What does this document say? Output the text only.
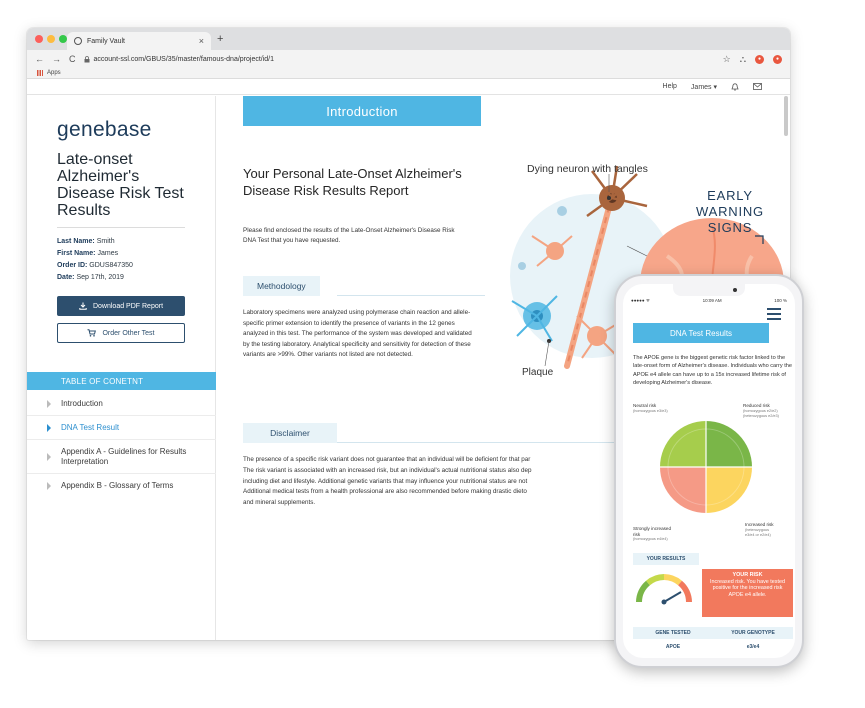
Family Vault	× +
← → C	account-ssl.com/GBUS/35/master/famous-dna/project/id/1	☆ ⛬	●	●
Apps
Help James ▾
genebase
Late-onset Alzheimer's Disease Risk Test Results
Last Name: Smith
First Name: James
Order ID: GDUS847350
Date: Sep 17th, 2019
Download PDF Report
Order Other Test
TABLE OF CONETNT
Introduction
DNA Test Result
Appendix A - Guidelines for Results Interpretation
Appendix B - Glossary of Terms
Introduction
Your Personal Late-Onset Alzheimer's Disease Risk Results Report
Please find enclosed the results of the Late-Onset Alzheimer's Disease Risk DNA Test that you have requested.
Methodology
Laboratory specimens were analyzed using polymerase chain reaction and allele-specific primer extension to identify the presence of variants in the 12 genes analyzed in this test. The performance of the system was developed and validated by the testing laboratory. Analytical specificity and sensitivity for detection of these variants are >99%. Other variants not listed are not detected.
Disclaimer
The presence of a specific risk variant does not guarantee that an individual will be deficient for that par
The risk variant is associated with an increased risk, but an individual's actual nutritional status also dep
including diet and lifestyle. Additional genetic variants that may influence your nutritional status are not
Additional medical tests from a health professional are also recommended before making drastic dieto
and mineral supplements.
Dying neuron with tangles
Plaque
EARLY
WARNING
SIGNS
●●●●● ᯤ	10:09 AM	100 %
DNA Test Results
The APOE gene is the biggest genetic risk factor linked to the late-onset form of Alzheimer's disease. Individuals who carry the APOE e4 allele can have up to a 15x increased lifetime risk of developing Alzheimer's disease.
Neutral risk
(homozygous e3/e3)
Reduced risk
(homozygous e2/e2)
(heterozygous e2/e3)
Strongly increased risk
(homozygous e4/e4)
Increased risk
(heterozygous
e3/e4 or e2/e4)
YOUR RESULTS
YOUR RISK
Increased risk. You have tested positive for the increased risk APOE e4 allele.
GENE TESTED	YOUR GENOTYPE
APOE	e3/e4
